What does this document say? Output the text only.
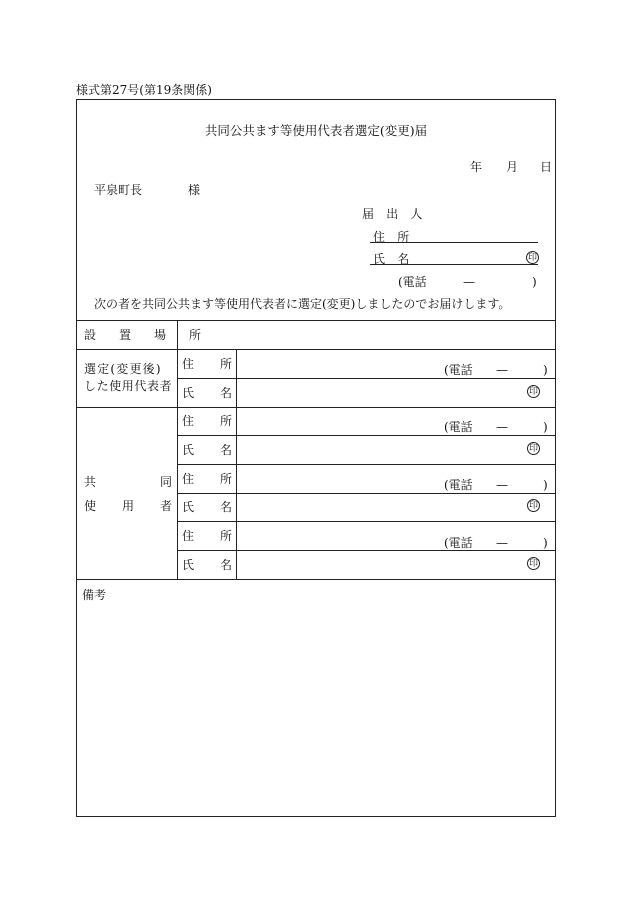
様式第27号(第19条関係)
共同公共ます等使用代表者選定(変更)届
年 月 日
平泉町長	様
届 出 人
住 所
氏 名	印
(電話	—	)
次の者を共同公共ます等使用代表者に選定(変更)しましたのでお届けします。
設 置 場 所
選定(変更後)
した使用代表者
住 所	(電話 —	)
氏 名	印
共	同
使 用 者
住 所	(電話 —	)
氏 名	印
住 所	(電話 —	)
氏 名	印
住 所	(電話 —	)
氏 名	印
備考
